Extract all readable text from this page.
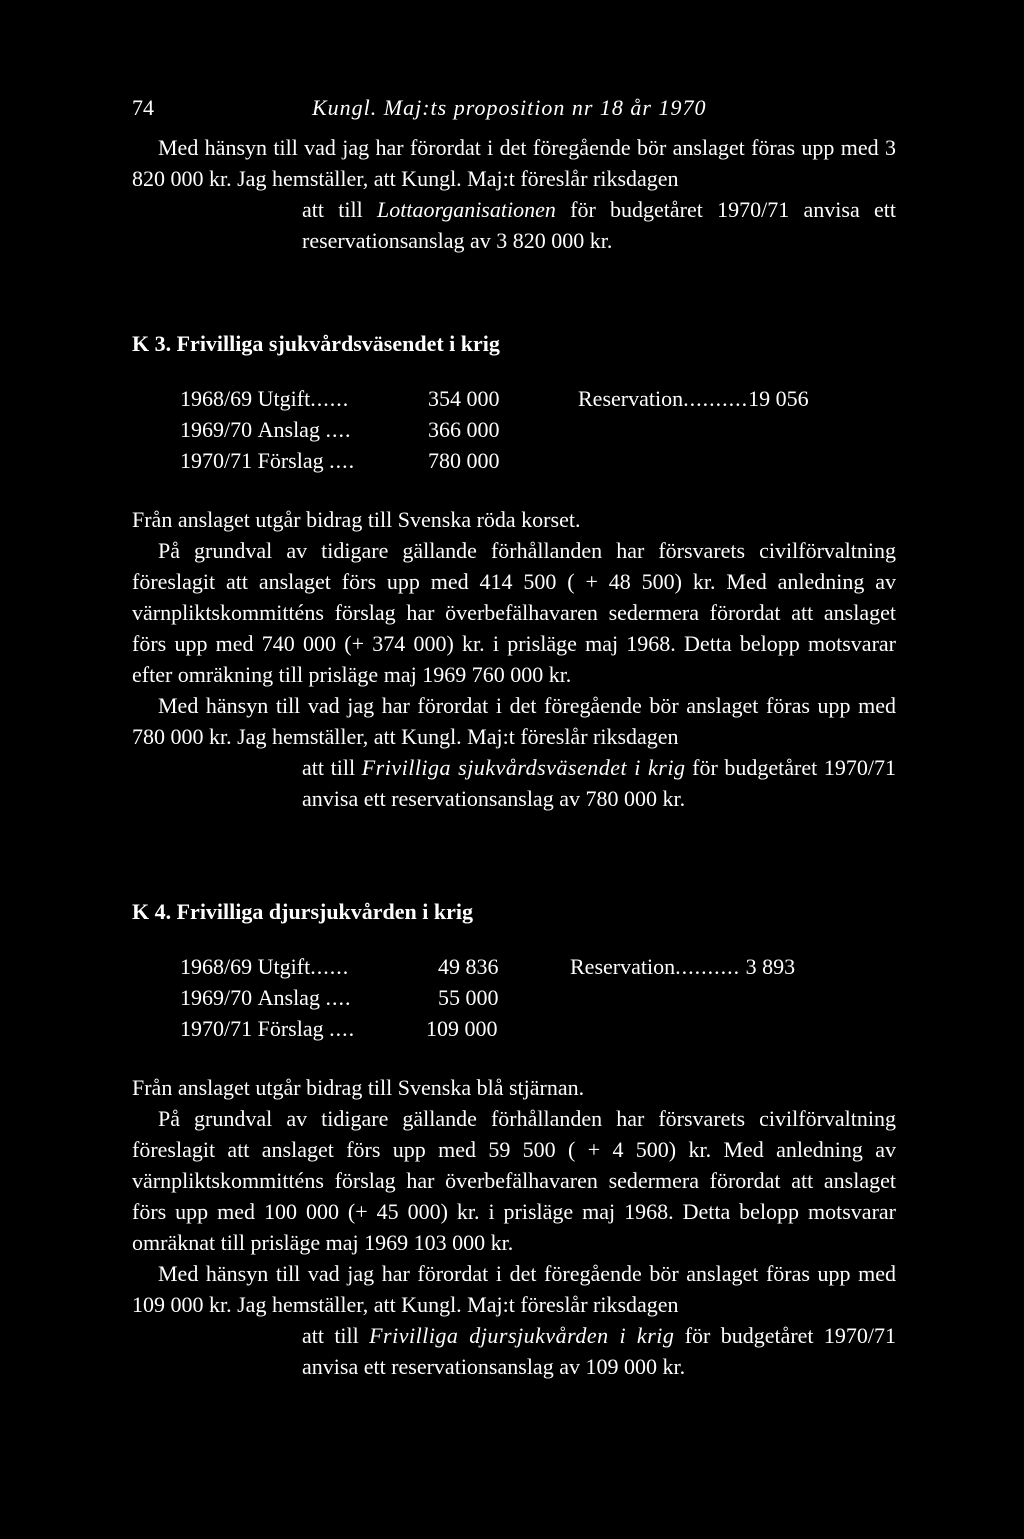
74	Kungl. Maj:ts proposition nr 18 år 1970

Med hänsyn till vad jag har förordat i det föregående bör anslaget föras upp med 3 820 000 kr. Jag hemställer, att Kungl. Maj:t föreslår riksdagen

att till Lottaorganisationen för budgetåret 1970/71 anvisa ett reservationsanslag av 3 820 000 kr.

K 3. Frivilliga sjukvårdsväsendet i krig

1968/69 Utgift ......	354 000	Reservation .....	19 056
1969/70 Anslag ....	366 000
1970/71 Förslag ....	780 000

Från anslaget utgår bidrag till Svenska röda korset.

På grundval av tidigare gällande förhållanden har försvarets civilförvaltning föreslagit att anslaget förs upp med 414 500 ( + 48 500) kr. Med anledning av värnpliktskommitténs förslag har överbefälhavaren sedermera förordat att anslaget förs upp med 740 000 (+ 374 000) kr. i prisläge maj 1968. Detta belopp motsvarar efter omräkning till prisläge maj 1969 760 000 kr.

Med hänsyn till vad jag har förordat i det föregående bör anslaget föras upp med 780 000 kr. Jag hemställer, att Kungl. Maj:t föreslår riksdagen

att till Frivilliga sjukvårdsväsendet i krig för budgetåret 1970/71 anvisa ett reservationsanslag av 780 000 kr.

K 4. Frivilliga djursjukvården i krig

1968/69 Utgift ......	49 836	Reservation .....	3 893
1969/70 Anslag ....	55 000
1970/71 Förslag ....	109 000

Från anslaget utgår bidrag till Svenska blå stjärnan.

På grundval av tidigare gällande förhållanden har försvarets civilförvaltning föreslagit att anslaget förs upp med 59 500 ( + 4 500) kr. Med anledning av värnpliktskommitténs förslag har överbefälhavaren sedermera förordat att anslaget förs upp med 100 000 (+ 45 000) kr. i prisläge maj 1968. Detta belopp motsvarar omräknat till prisläge maj 1969 103 000 kr.

Med hänsyn till vad jag har förordat i det föregående bör anslaget föras upp med 109 000 kr. Jag hemställer, att Kungl. Maj:t föreslår riksdagen

att till Frivilliga djursjukvården i krig för budgetåret 1970/71 anvisa ett reservationsanslag av 109 000 kr.
